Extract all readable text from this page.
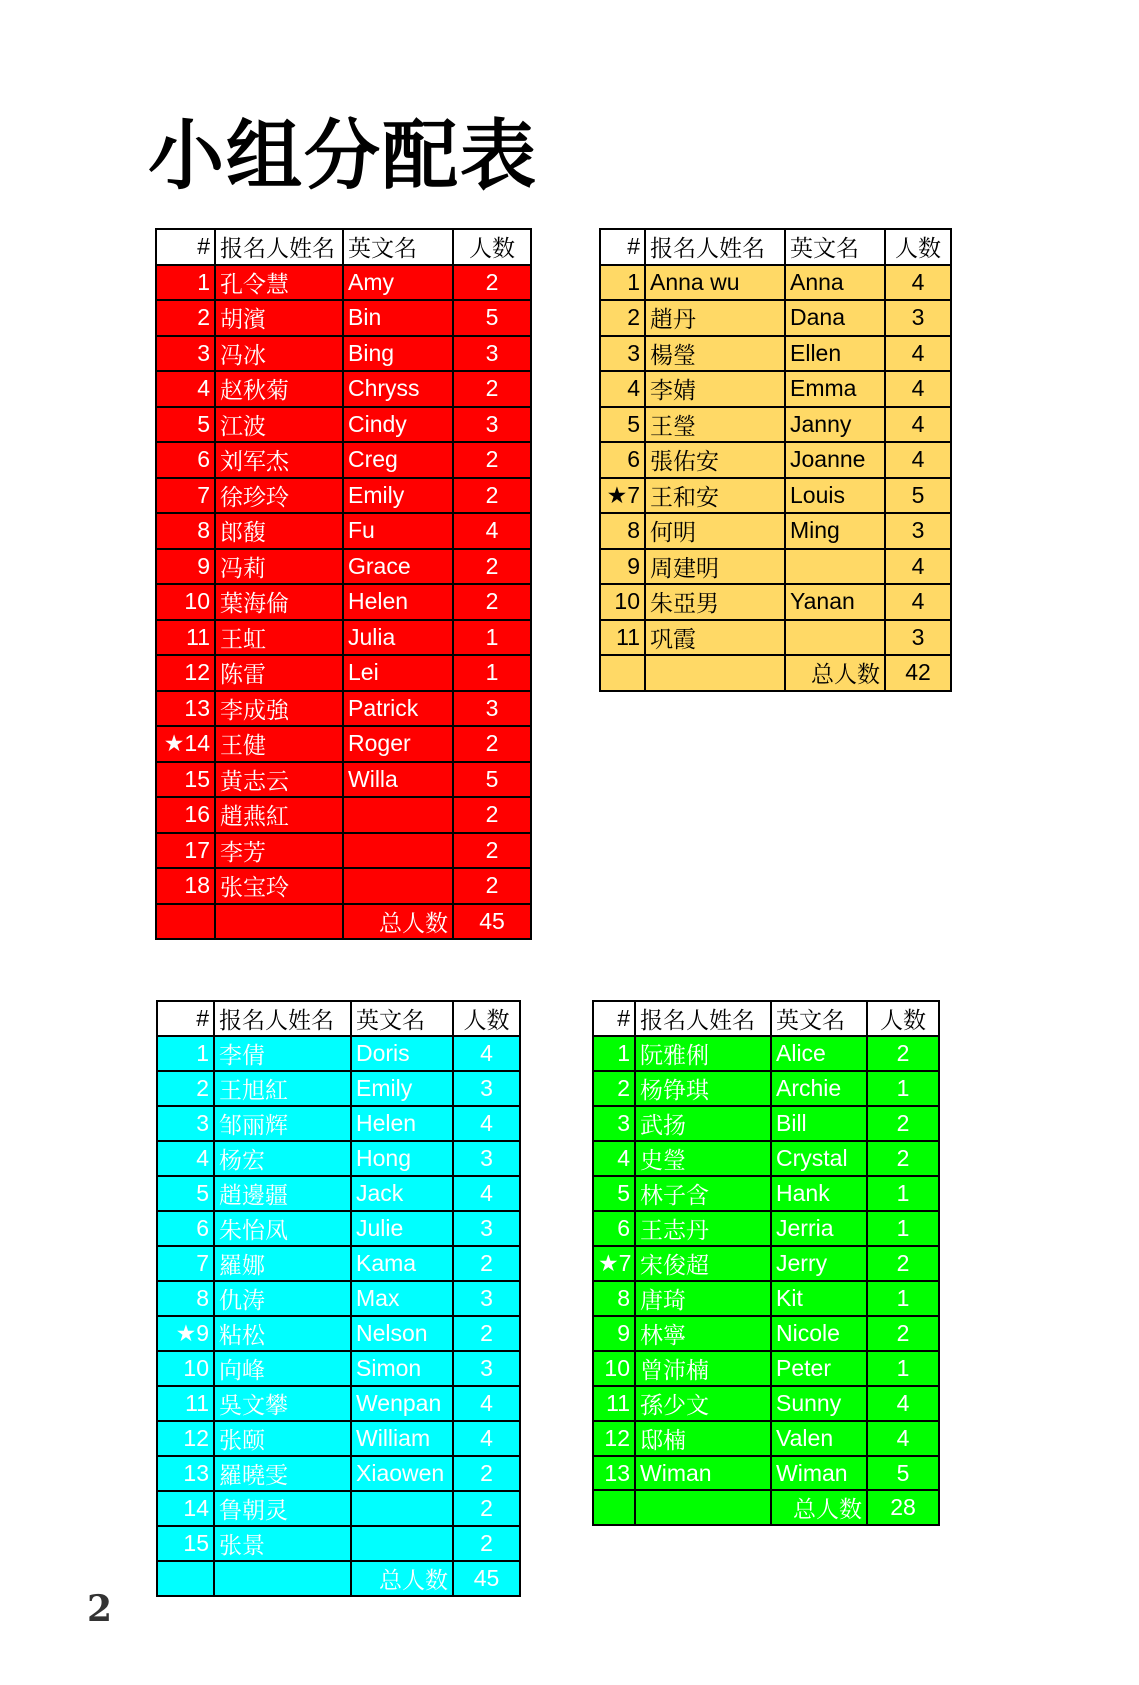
小组分配表
#	报名人姓名	英文名	人数
1	孔令慧	Amy	2
2	胡濱	Bin	5
3	冯冰	Bing	3
4	赵秋菊	Chryss	2
5	江波	Cindy	3
6	刘军杰	Creg	2
7	徐珍玲	Emily	2
8	郎馥	Fu	4
9	冯莉	Grace	2
10	葉海倫	Helen	2
11	王虹	Julia	1
12	陈雷	Lei	1
13	李成強	Patrick	3
★14	王健	Roger	2
15	黄志云	Willa	5
16	趙燕紅		2
17	李芳		2
18	张宝玲		2
		总人数	45
#	报名人姓名	英文名	人数
1	Anna wu	Anna	4
2	趙丹	Dana	3
3	楊瑩	Ellen	4
4	李婧	Emma	4
5	王瑩	Janny	4
6	張佑安	Joanne	4
★7	王和安	Louis	5
8	何明	Ming	3
9	周建明		4
10	朱亞男	Yanan	4
11	巩霞		3
		总人数	42
#	报名人姓名	英文名	人数
1	李倩	Doris	4
2	王旭紅	Emily	3
3	邹丽辉	Helen	4
4	杨宏	Hong	3
5	趙邊疆	Jack	4
6	朱怡凤	Julie	3
7	羅娜	Kama	2
8	仇涛	Max	3
★9	粘松	Nelson	2
10	向峰	Simon	3
11	吳文攀	Wenpan	4
12	张颐	William	4
13	羅曉雯	Xiaowen	2
14	鲁朝灵		2
15	张景		2
		总人数	45
#	报名人姓名	英文名	人数
1	阮雅俐	Alice	2
2	杨铮琪	Archie	1
3	武扬	Bill	2
4	史瑩	Crystal	2
5	林子含	Hank	1
6	王志丹	Jerria	1
★7	宋俊超	Jerry	2
8	唐琦	Kit	1
9	林寧	Nicole	2
10	曾沛楠	Peter	1
11	孫少文	Sunny	4
12	邸楠	Valen	4
13	Wiman	Wiman	5
		总人数	28
2
